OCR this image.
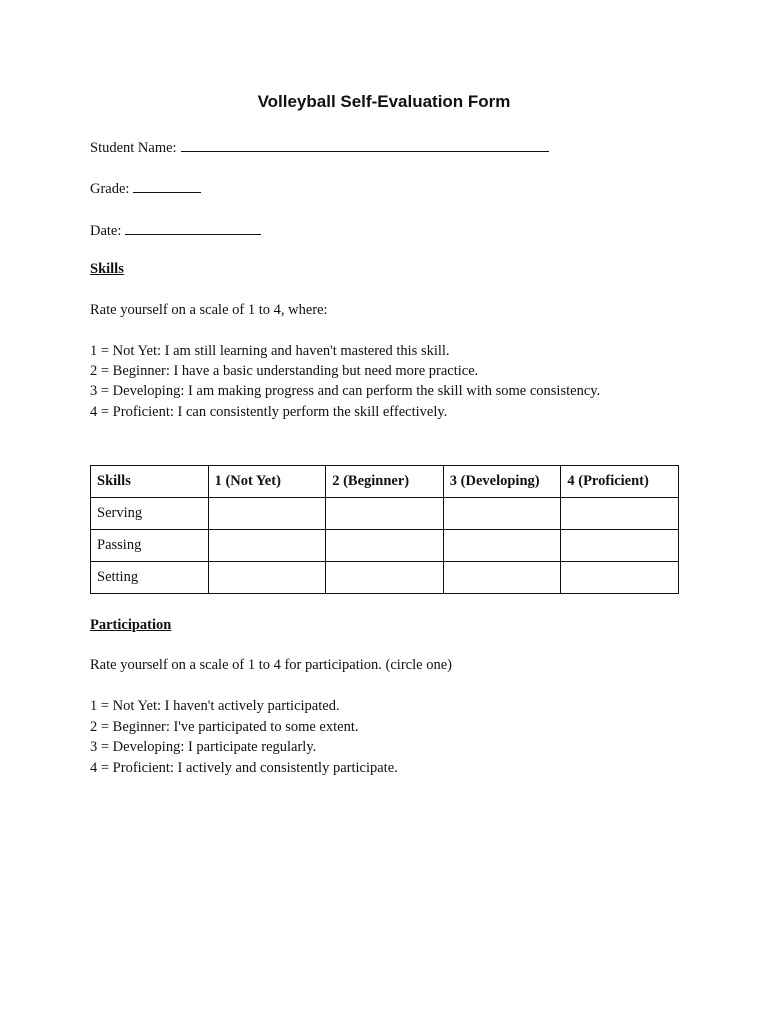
Volleyball Self-Evaluation Form
Student Name:
Grade:
Date:
Skills
Rate yourself on a scale of 1 to 4, where:
1 = Not Yet: I am still learning and haven't mastered this skill.
2 = Beginner: I have a basic understanding but need more practice.
3 = Developing: I am making progress and can perform the skill with some consistency.
4 = Proficient: I can consistently perform the skill effectively.
Skills	1 (Not Yet)	2 (Beginner)	3 (Developing)	4 (Proficient)
Serving				
Passing				
Setting				
Participation
Rate yourself on a scale of 1 to 4 for participation. (circle one)
1 = Not Yet: I haven't actively participated.
2 = Beginner: I've participated to some extent.
3 = Developing: I participate regularly.
4 = Proficient: I actively and consistently participate.
